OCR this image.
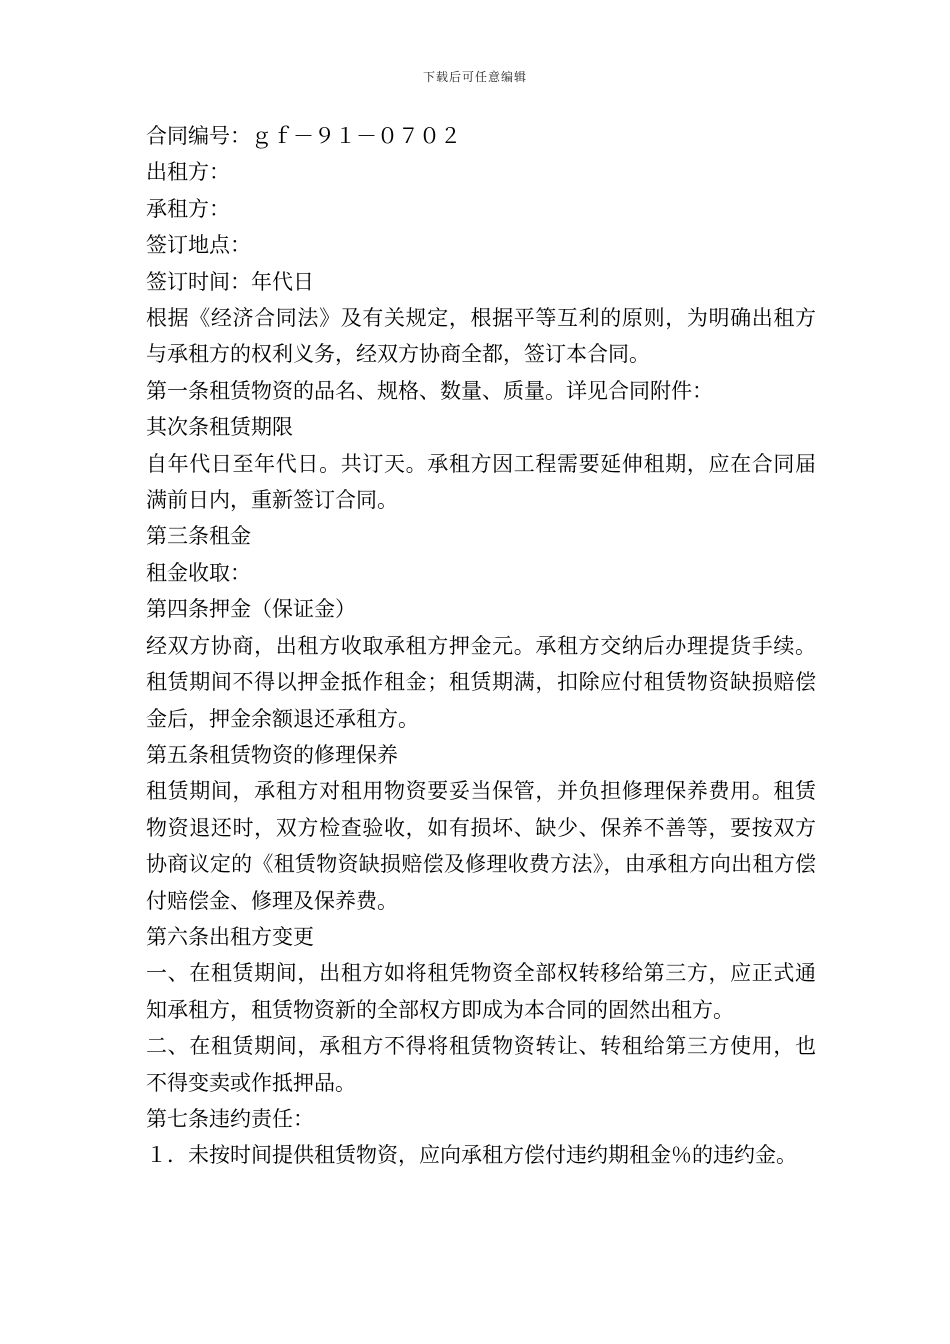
下载后可任意编辑
合同编号：ｇｆ－９１－０７０２
出租方：
承租方：
签订地点：
签订时间：年代日
根据《经济合同法》及有关规定，根据平等互利的原则，为明确出租方与承租方的权利义务，经双方协商全都，签订本合同。
第一条租赁物资的品名、规格、数量、质量。详见合同附件：
其次条租赁期限
自年代日至年代日。共订天。承租方因工程需要延伸租期，应在合同届满前日内，重新签订合同。
第三条租金
租金收取：
第四条押金（保证金）
经双方协商，出租方收取承租方押金元。承租方交纳后办理提货手续。租赁期间不得以押金抵作租金；租赁期满，扣除应付租赁物资缺损赔偿金后，押金余额退还承租方。
第五条租赁物资的修理保养
租赁期间，承租方对租用物资要妥当保管，并负担修理保养费用。租赁物资退还时，双方检查验收，如有损坏、缺少、保养不善等，要按双方协商议定的《租赁物资缺损赔偿及修理收费方法》，由承租方向出租方偿付赔偿金、修理及保养费。
第六条出租方变更
一、在租赁期间，出租方如将租凭物资全部权转移给第三方，应正式通知承租方，租赁物资新的全部权方即成为本合同的固然出租方。
二、在租赁期间，承租方不得将租赁物资转让、转租给第三方使用，也不得变卖或作抵押品。
第七条违约责任：
１．未按时间提供租赁物资，应向承租方偿付违约期租金％的违约金。
